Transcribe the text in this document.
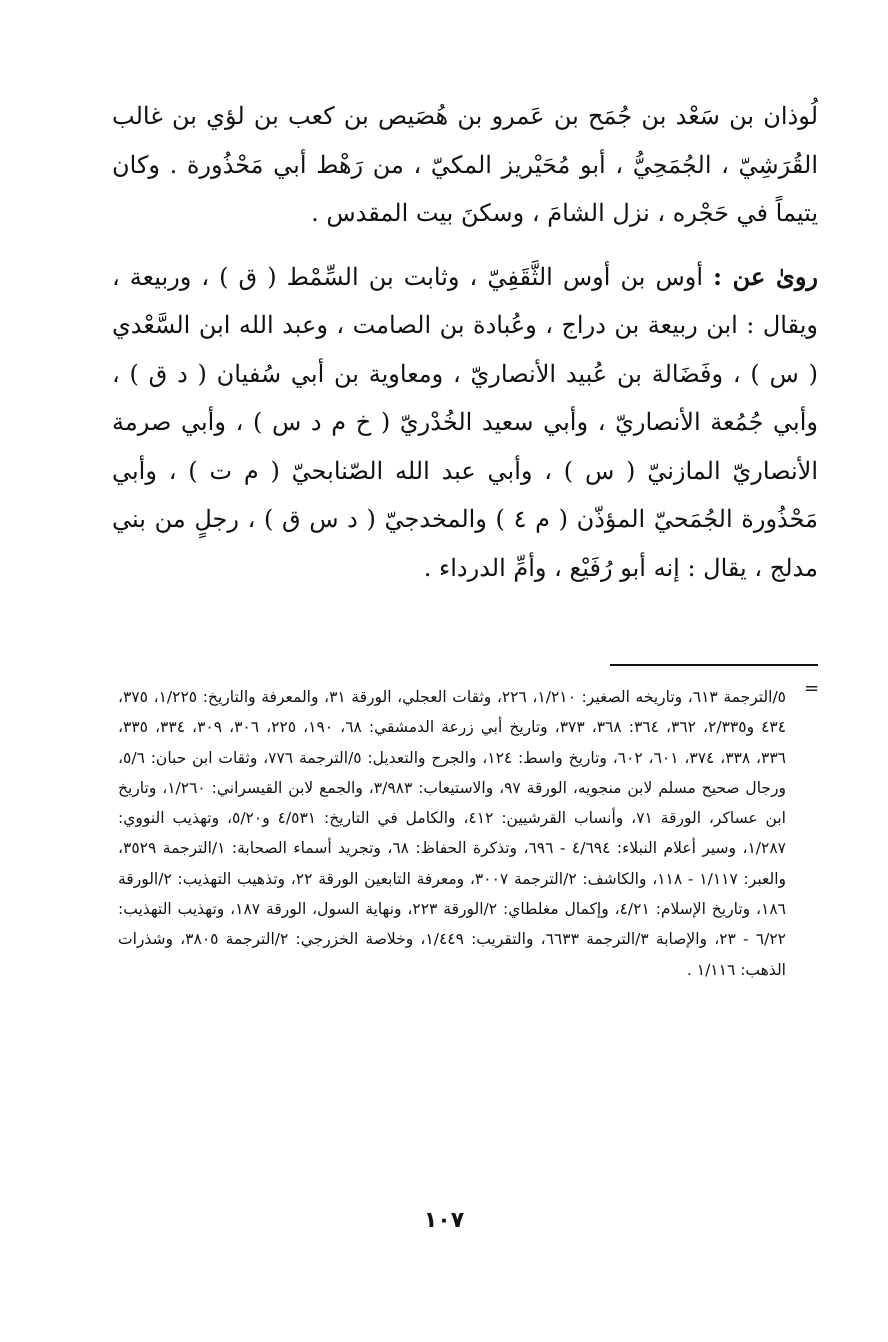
لُوذان بن سَعْد بن جُمَح بن عَمرو بن هُصَيص بن كعب بن لؤي بن غالب القُرَشِيّ ، الجُمَحِيُّ ، أبو مُحَيْريز المكيّ ، من رَهْط أبي مَحْذُورة . وكان يتيماً في حَجْره ، نزل الشامَ ، وسكنَ بيت المقدس .

روىٰ عن : أوس بن أوس الثَّقَفِيّ ، وثابت بن السِّمْط ( ق ) ، وربيعة ، ويقال : ابن ربيعة بن دراج ، وعُبادة بن الصامت ، وعبد الله ابن السَّعْدي ( س ) ، وفَضَالة بن عُبيد الأنصاريّ ، ومعاوية بن أبي سُفيان ( د ق ) ، وأبي جُمُعة الأنصاريّ ، وأبي سعيد الخُدْريّ ( خ م د س ) ، وأبي صرمة الأنصاريّ المازنيّ ( س ) ، وأبي عبد الله الصّنابحيّ ( م ت ) ، وأبي مَحْذُورة الجُمَحيّ المؤذّن ( م ٤ ) والمخدجيّ ( د س ق ) ، رجلٍ من بني مدلج ، يقال : إنه أبو رُفَيْع ، وأمِّ الدرداء .

=

٥/الترجمة ٦١٣، وتاريخه الصغير: ١/٢١٠، ٢٢٦، وثقات العجلي، الورقة ٣١، والمعرفة والتاريخ: ١/٢٢٥، ٣٧٥، ٤٣٤ و٢/٣٣٥، ٣٦٢، ٣٦٤: ٣٦٨، ٣٧٣، وتاريخ أبي زرعة الدمشقي: ٦٨، ١٩٠، ٢٢٥، ٣٠٦، ٣٠٩، ٣٣٤، ٣٣٥، ٣٣٦، ٣٣٨، ٣٧٤، ٦٠١، ٦٠٢، وتاريخ واسط: ١٢٤، والجرح والتعديل: ٥/الترجمة ٧٧٦، وثقات ابن حبان: ٥/٦، ورجال صحيح مسلم لابن منجويه، الورقة ٩٧، والاستيعاب: ٣/٩٨٣، والجمع لابن القيسراني: ١/٢٦٠، وتاريخ ابن عساكر، الورقة ٧١، وأنساب القرشيين: ٤١٢، والكامل في التاريخ: ٤/٥٣١ و٥/٢٠، وتهذيب النووي: ١/٢٨٧، وسير أعلام النبلاء: ٤/٦٩٤ - ٦٩٦، وتذكرة الحفاظ: ٦٨، وتجريد أسماء الصحابة: ١/الترجمة ٣٥٢٩، والعبر: ١/١١٧ - ١١٨، والكاشف: ٢/الترجمة ٣٠٠٧، ومعرفة التابعين الورقة ٢٢، وتذهيب التهذيب: ٢/الورقة ١٨٦، وتاريخ الإسلام: ٤/٢١، وإكمال مغلطاي: ٢/الورقة ٢٢٣، ونهاية السول، الورقة ١٨٧، وتهذيب التهذيب: ٦/٢٢ - ٢٣، والإصابة ٣/الترجمة ٦٦٣٣، والتقريب: ١/٤٤٩، وخلاصة الخزرجي: ٢/الترجمة ٣٨٠٥، وشذرات الذهب: ١/١١٦ .

١٠٧
